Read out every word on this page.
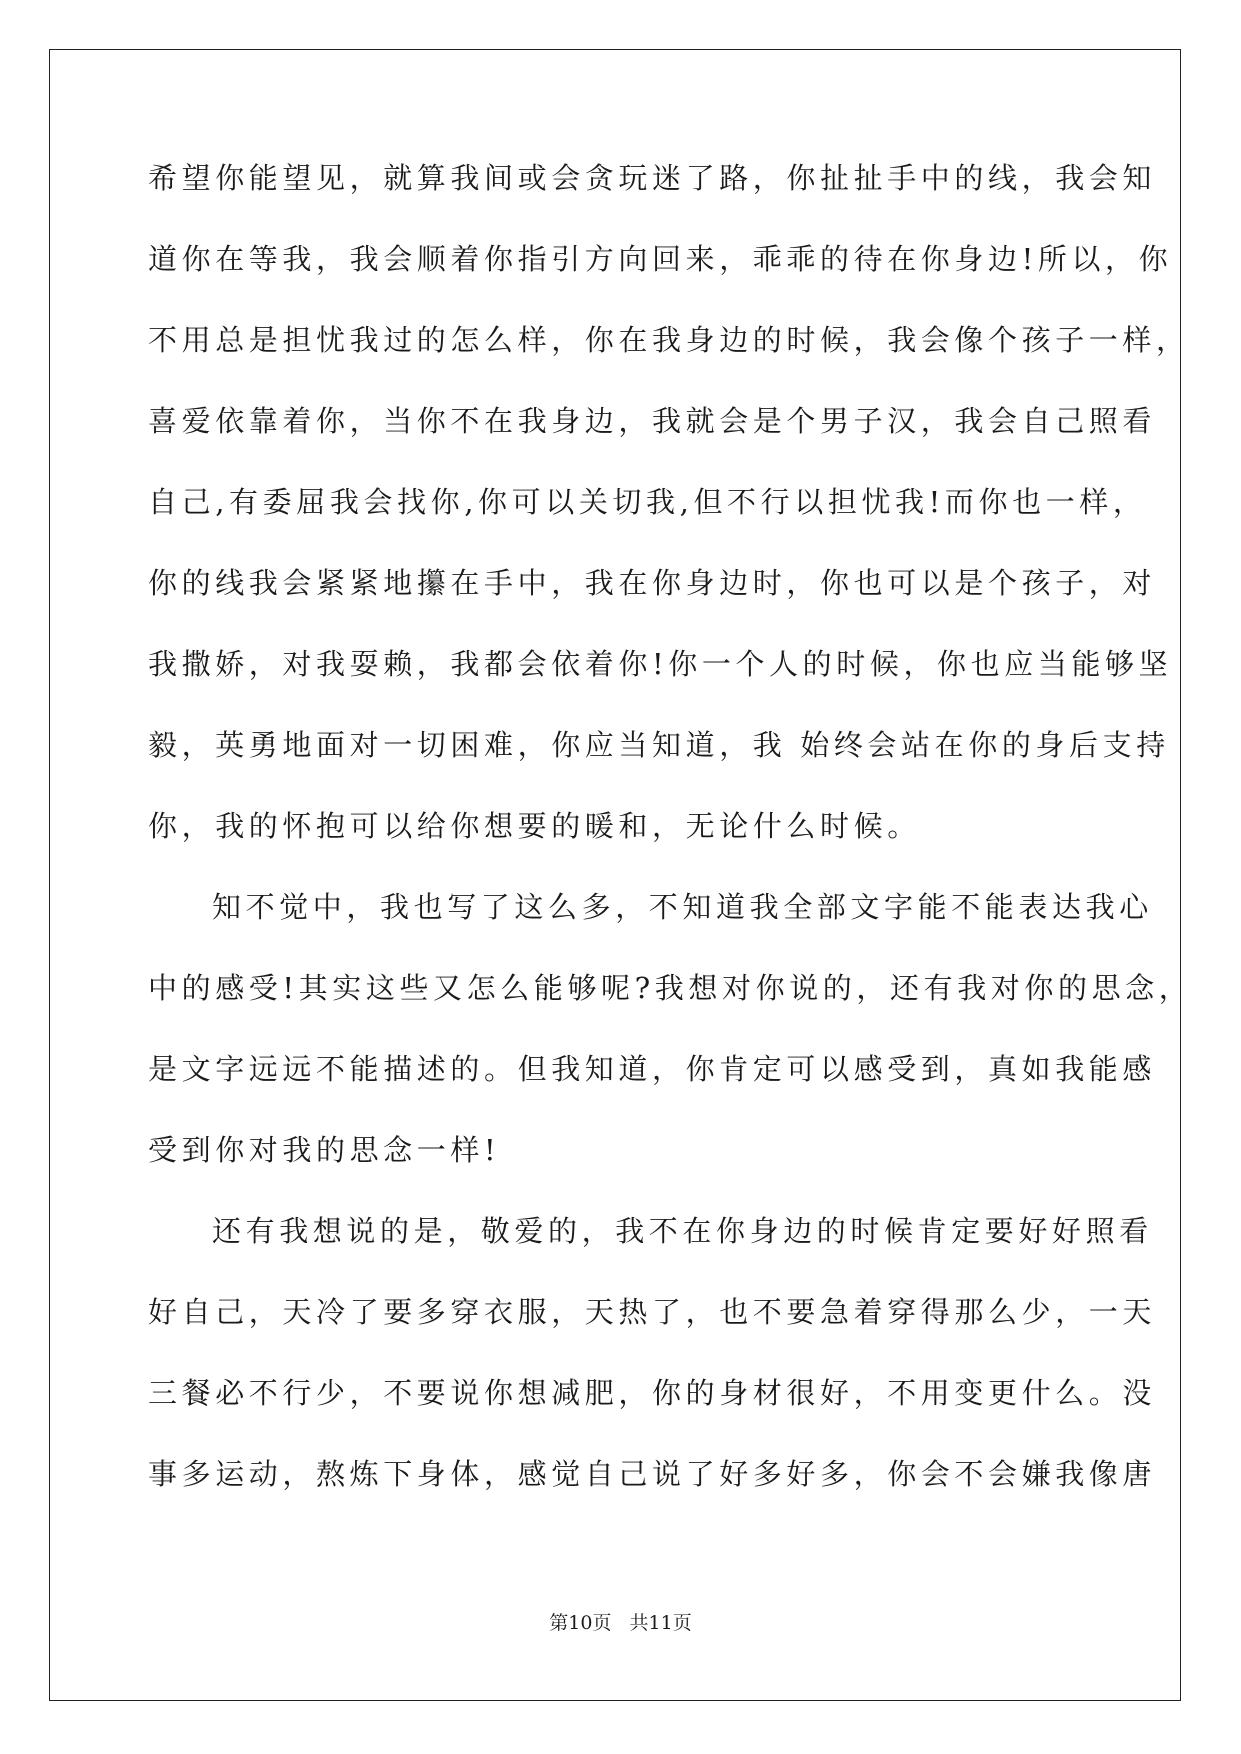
希望你能望见，就算我间或会贪玩迷了路，你扯扯手中的线，我会知
道你在等我，我会顺着你指引方向回来，乖乖的待在你身边!所以，你
不用总是担忧我过的怎么样，你在我身边的时候，我会像个孩子一样，
喜爱依靠着你，当你不在我身边，我就会是个男子汉，我会自己照看
自己,有委屈我会找你,你可以关切我,但不行以担忧我!而你也一样，
你的线我会紧紧地攥在手中，我在你身边时，你也可以是个孩子，对
我撒娇，对我耍赖，我都会依着你!你一个人的时候，你也应当能够坚
毅，英勇地面对一切困难，你应当知道，我 始终会站在你的身后支持
你，我的怀抱可以给你想要的暖和，无论什么时候。
知不觉中，我也写了这么多，不知道我全部文字能不能表达我心
中的感受!其实这些又怎么能够呢?我想对你说的，还有我对你的思念，
是文字远远不能描述的。但我知道，你肯定可以感受到，真如我能感
受到你对我的思念一样!
还有我想说的是，敬爱的，我不在你身边的时候肯定要好好照看
好自己，天冷了要多穿衣服，天热了，也不要急着穿得那么少，一天
三餐必不行少，不要说你想减肥，你的身材很好，不用变更什么。没
事多运动，熬炼下身体，感觉自己说了好多好多，你会不会嫌我像唐
第10页 共11页
